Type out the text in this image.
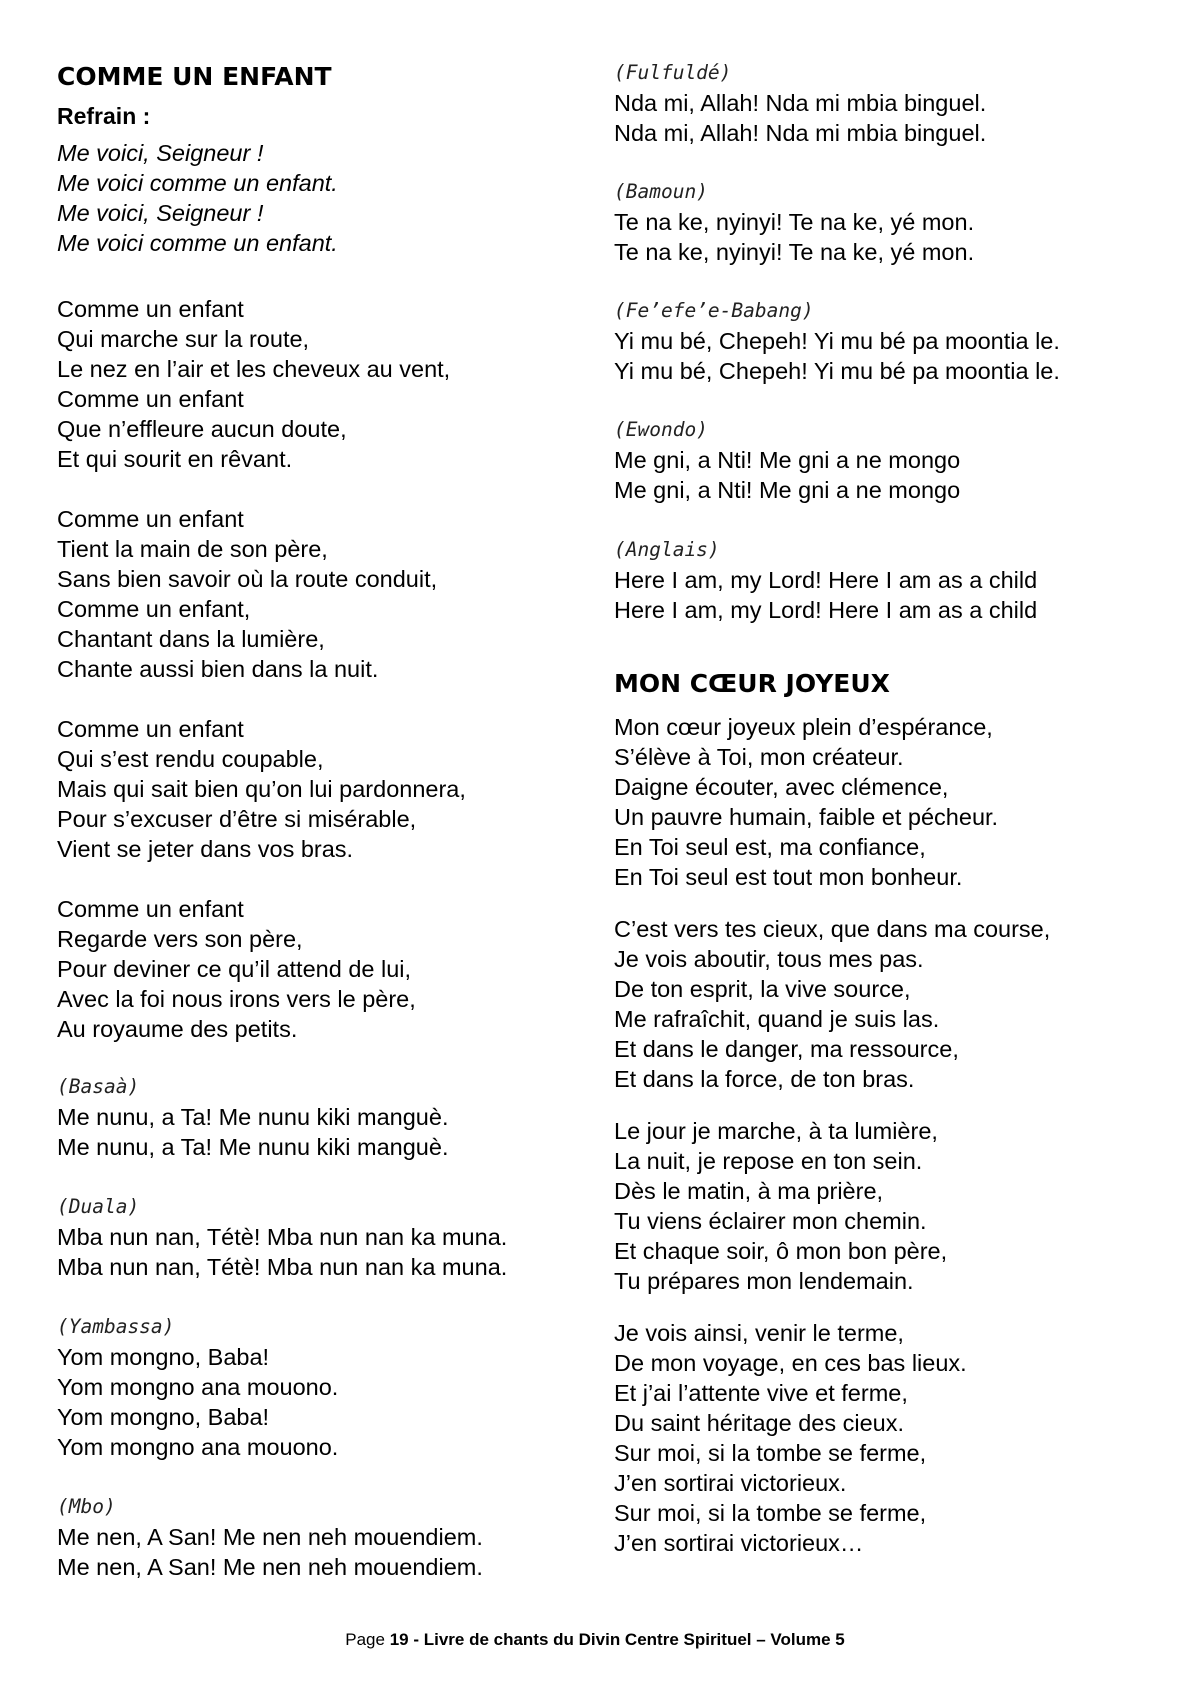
COMME UN ENFANT
Refrain :
Me voici, Seigneur !
Me voici comme un enfant.
Me voici, Seigneur !
Me voici comme un enfant.
Comme un enfant
Qui marche sur la route,
Le nez en l’air et les cheveux au vent,
Comme un enfant
Que n’effleure aucun doute,
Et qui sourit en rêvant.
Comme un enfant
Tient la main de son père,
Sans bien savoir où la route conduit,
Comme un enfant,
Chantant dans la lumière,
Chante aussi bien dans la nuit.
Comme un enfant
Qui s’est rendu coupable,
Mais qui sait bien qu’on lui pardonnera,
Pour s’excuser d’être si misérable,
Vient se jeter dans vos bras.
Comme un enfant
Regarde vers son père,
Pour deviner ce qu’il attend de lui,
Avec la foi nous irons vers le père,
Au royaume des petits.
(Basaà)
Me nunu, a Ta! Me nunu kiki manguè.
Me nunu, a Ta! Me nunu kiki manguè.
(Duala)
Mba nun nan, Tétè! Mba nun nan ka muna.
Mba nun nan, Tétè! Mba nun nan ka muna.
(Yambassa)
Yom mongno, Baba!
Yom mongno ana mouono.
Yom mongno, Baba!
Yom mongno ana mouono.
(Mbo)
Me nen, A San! Me nen neh mouendiem.
Me nen, A San! Me nen neh mouendiem.
(Fulfuldé)
Nda mi, Allah! Nda mi mbia binguel.
Nda mi, Allah! Nda mi mbia binguel.
(Bamoun)
Te na ke, nyinyi! Te na ke, yé mon.
Te na ke, nyinyi! Te na ke, yé mon.
(Fe’efe’e-Babang)
Yi mu bé, Chepeh! Yi mu bé pa moontia le.
Yi mu bé, Chepeh! Yi mu bé pa moontia le.
(Ewondo)
Me gni, a Nti! Me gni a ne mongo
Me gni, a Nti! Me gni a ne mongo
(Anglais)
Here I am, my Lord! Here I am as a child
Here I am, my Lord! Here I am as a child
MON CŒUR JOYEUX
Mon cœur joyeux plein d’espérance,
S’élève à Toi, mon créateur.
Daigne écouter, avec clémence,
Un pauvre humain, faible et pécheur.
En Toi seul est, ma confiance,
En Toi seul est tout mon bonheur.
C’est vers tes cieux, que dans ma course,
Je vois aboutir, tous mes pas.
De ton esprit, la vive source,
Me rafraîchit, quand je suis las.
Et dans le danger, ma ressource,
Et dans la force, de ton bras.
Le jour je marche, à ta lumière,
La nuit, je repose en ton sein.
Dès le matin, à ma prière,
Tu viens éclairer mon chemin.
Et chaque soir, ô mon bon père,
Tu prépares mon lendemain.
Je vois ainsi, venir le terme,
De mon voyage, en ces bas lieux.
Et j’ai l’attente vive et ferme,
Du saint héritage des cieux.
Sur moi, si la tombe se ferme,
J’en sortirai victorieux.
Sur moi, si la tombe se ferme,
J’en sortirai victorieux…
Page 19 - Livre de chants du Divin Centre Spirituel – Volume 5
